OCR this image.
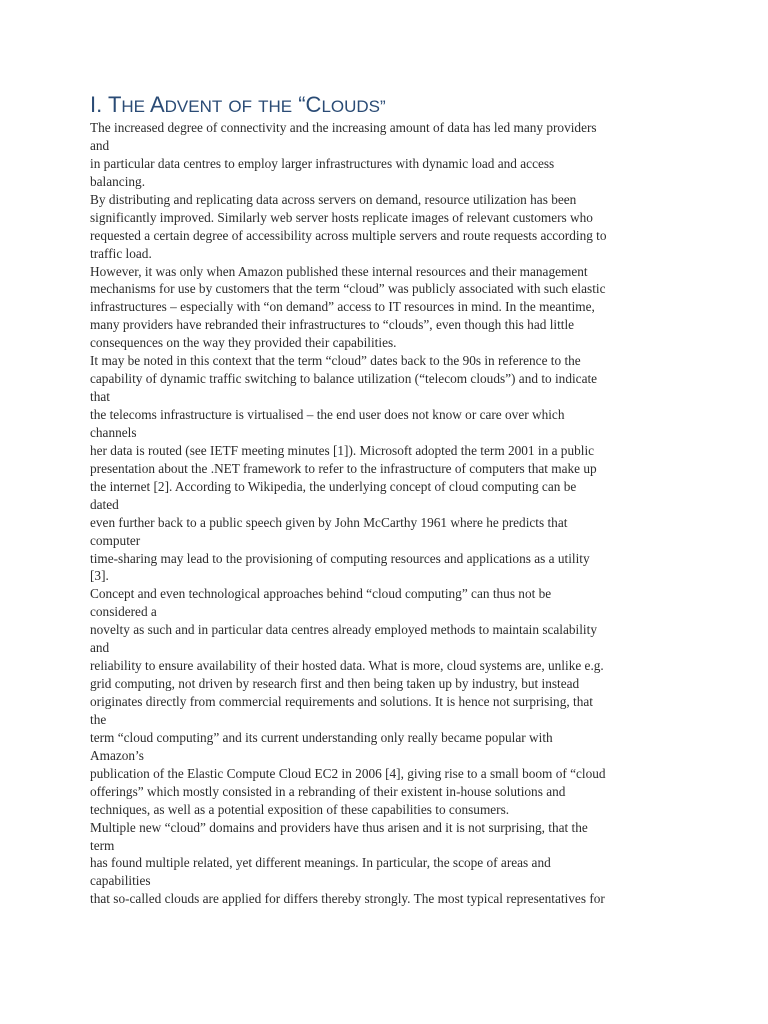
I. THE ADVENT OF THE “CLOUDS”
The increased degree of connectivity and the increasing amount of data has led many providers
and
in particular data centres to employ larger infrastructures with dynamic load and access
balancing.
By distributing and replicating data across servers on demand, resource utilization has been
significantly improved. Similarly web server hosts replicate images of relevant customers who
requested a certain degree of accessibility across multiple servers and route requests according to
traffic load.
However, it was only when Amazon published these internal resources and their management
mechanisms for use by customers that the term “cloud” was publicly associated with such elastic
infrastructures – especially with “on demand” access to IT resources in mind. In the meantime,
many providers have rebranded their infrastructures to “clouds”, even though this had little
consequences on the way they provided their capabilities.
It may be noted in this context that the term “cloud” dates back to the 90s in reference to the
capability of dynamic traffic switching to balance utilization (“telecom clouds”) and to indicate
that
the telecoms infrastructure is virtualised – the end user does not know or care over which
channels
her data is routed (see IETF meeting minutes [1]). Microsoft adopted the term 2001 in a public
presentation about the .NET framework to refer to the infrastructure of computers that make up
the internet [2]. According to Wikipedia, the underlying concept of cloud computing can be
dated
even further back to a public speech given by John McCarthy 1961 where he predicts that
computer
time-sharing may lead to the provisioning of computing resources and applications as a utility
[3].
Concept and even technological approaches behind “cloud computing” can thus not be
considered a
novelty as such and in particular data centres already employed methods to maintain scalability
and
reliability to ensure availability of their hosted data. What is more, cloud systems are, unlike e.g.
grid computing, not driven by research first and then being taken up by industry, but instead
originates directly from commercial requirements and solutions. It is hence not surprising, that
the
term “cloud computing” and its current understanding only really became popular with
Amazon’s
publication of the Elastic Compute Cloud EC2 in 2006 [4], giving rise to a small boom of “cloud
offerings” which mostly consisted in a rebranding of their existent in-house solutions and
techniques, as well as a potential exposition of these capabilities to consumers.
Multiple new “cloud” domains and providers have thus arisen and it is not surprising, that the
term
has found multiple related, yet different meanings. In particular, the scope of areas and
capabilities
that so-called clouds are applied for differs thereby strongly. The most typical representatives for
